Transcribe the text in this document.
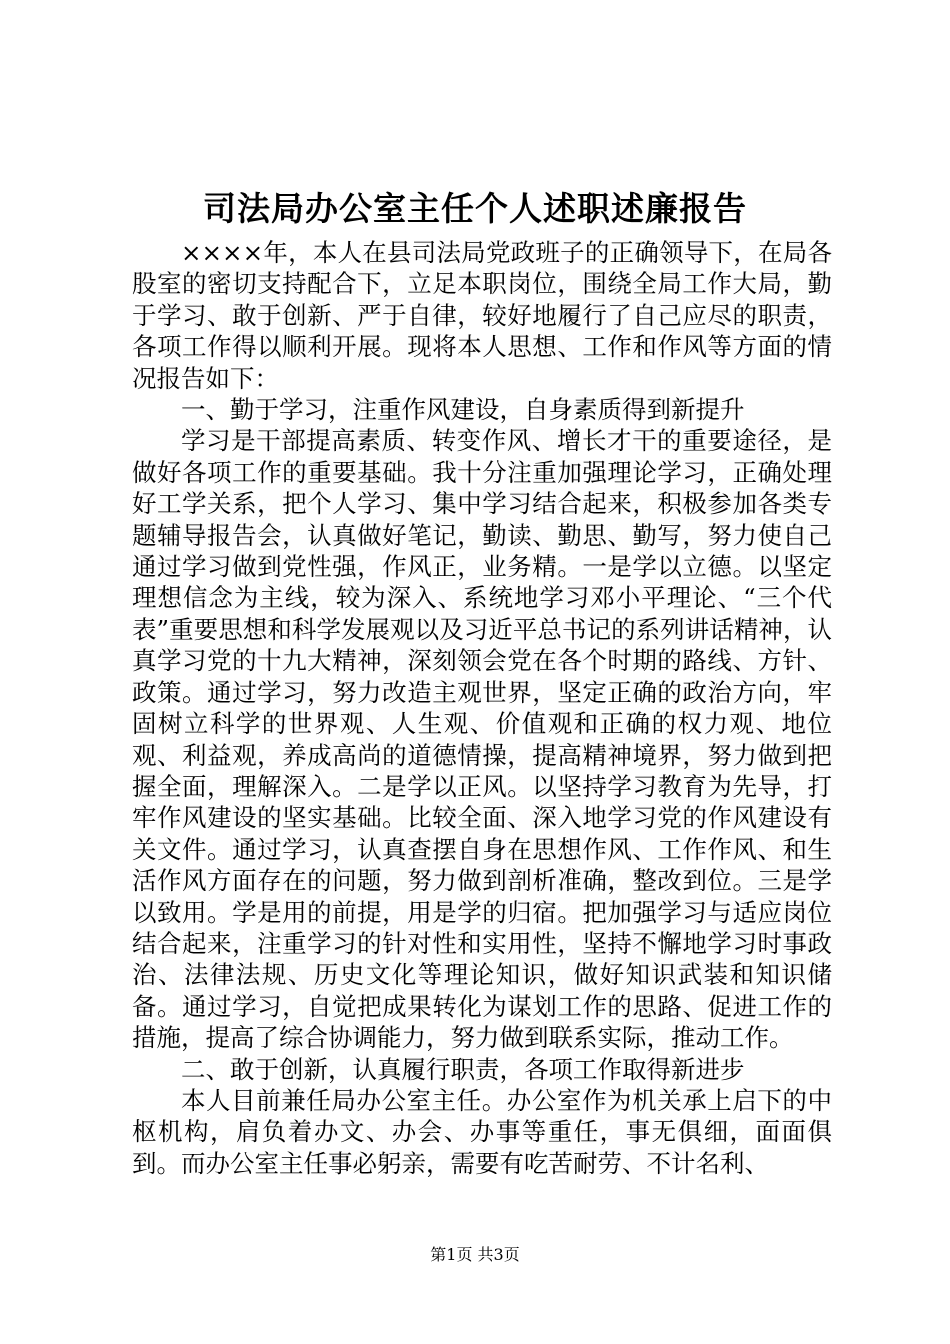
司法局办公室主任个人述职述廉报告

××××年，本人在县司法局党政班子的正确领导下，在局各股室的密切支持配合下，立足本职岗位，围绕全局工作大局，勤于学习、敢于创新、严于自律，较好地履行了自己应尽的职责，各项工作得以顺利开展。现将本人思想、工作和作风等方面的情况报告如下：

一、勤于学习，注重作风建设，自身素质得到新提升

学习是干部提高素质、转变作风、增长才干的重要途径，是做好各项工作的重要基础。我十分注重加强理论学习，正确处理好工学关系，把个人学习、集中学习结合起来，积极参加各类专题辅导报告会，认真做好笔记，勤读、勤思、勤写，努力使自己通过学习做到党性强，作风正，业务精。一是学以立德。以坚定理想信念为主线，较为深入、系统地学习邓小平理论、“三个代表”重要思想和科学发展观以及习近平总书记的系列讲话精神，认真学习党的十九大精神，深刻领会党在各个时期的路线、方针、政策。通过学习，努力改造主观世界，坚定正确的政治方向，牢固树立科学的世界观、人生观、价值观和正确的权力观、地位观、利益观，养成高尚的道德情操，提高精神境界，努力做到把握全面，理解深入。二是学以正风。以坚持学习教育为先导，打牢作风建设的坚实基础。比较全面、深入地学习党的作风建设有关文件。通过学习，认真查摆自身在思想作风、工作作风、和生活作风方面存在的问题，努力做到剖析准确，整改到位。三是学以致用。学是用的前提，用是学的归宿。把加强学习与适应岗位结合起来，注重学习的针对性和实用性，坚持不懈地学习时事政治、法律法规、历史文化等理论知识，做好知识武装和知识储备。通过学习，自觉把成果转化为谋划工作的思路、促进工作的措施，提高了综合协调能力，努力做到联系实际，推动工作。

二、敢于创新，认真履行职责，各项工作取得新进步

本人目前兼任局办公室主任。办公室作为机关承上启下的中枢机构，肩负着办文、办会、办事等重任，事无俱细，面面俱到。而办公室主任事必躬亲，需要有吃苦耐劳、不计名利、

第1页 共3页
